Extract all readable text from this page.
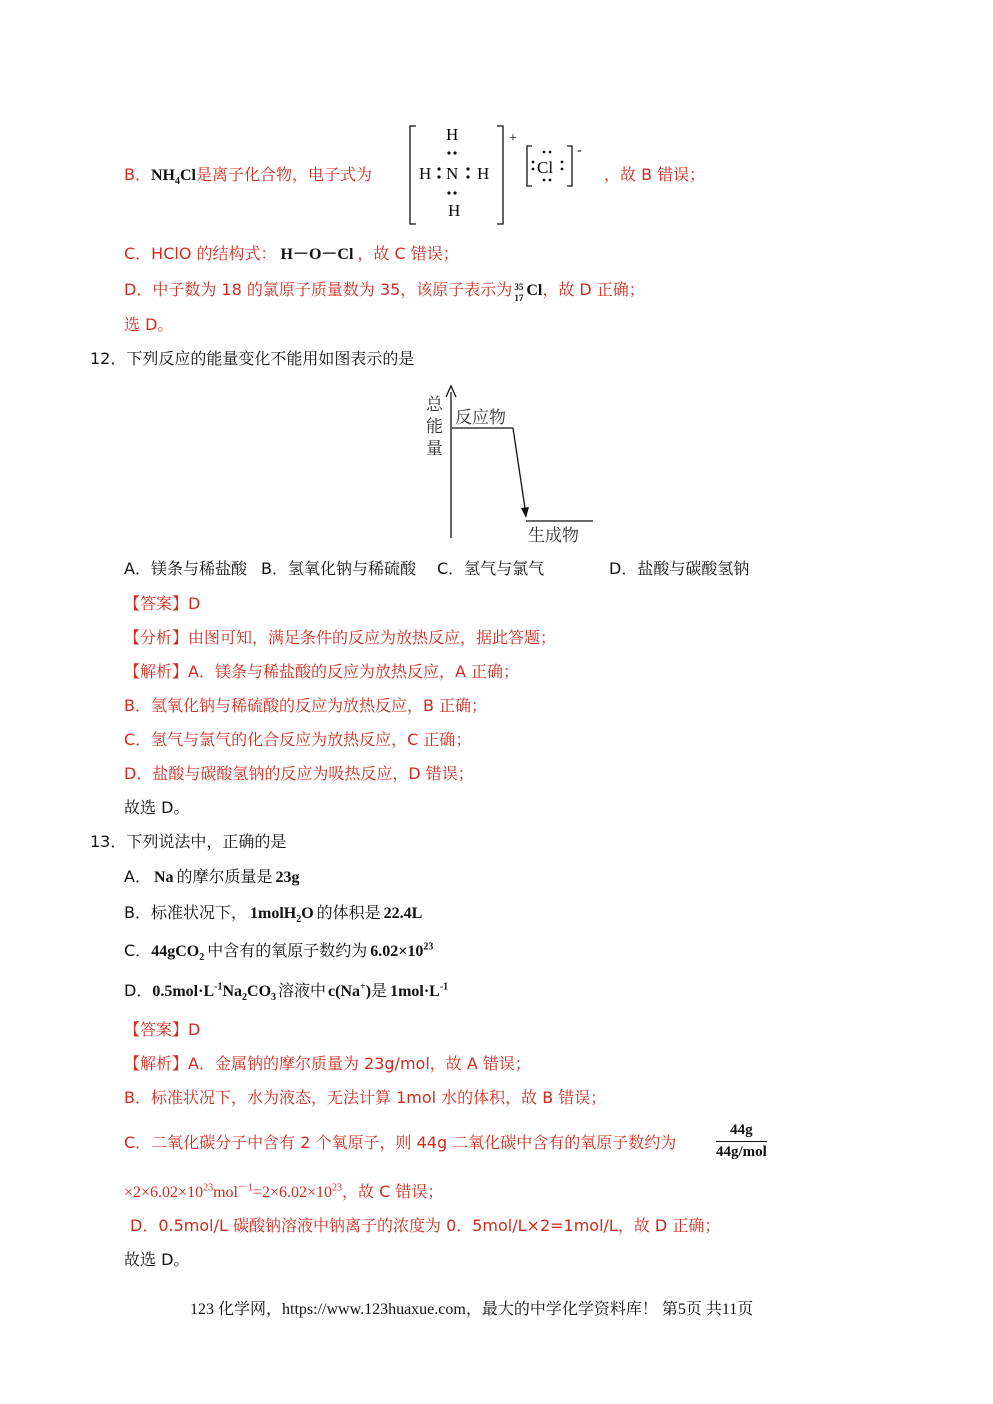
B．$NH_4Cl$是离子化合物，电子式为
H
H N H
H
+
Cl
-
，故 B 错误；
C．HClO 的结构式： H－O－Cl ，故 C 错误；
D．中子数为 18 的氯原子质量数为 35，该原子表示为 35
17 Cl，故 D 正确；
选 D。
12．下列反应的能量变化不能用如图表示的是
总
能
量
反应物
生成物
A．镁条与稀盐酸 B．氢氧化钠与稀硫酸 C．氢气与氯气	D．盐酸与碳酸氢钠
【答案】D
【分析】由图可知，满足条件的反应为放热反应，据此答题；
【解析】A．镁条与稀盐酸的反应为放热反应，A 正确；
B．氢氧化钠与稀硫酸的反应为放热反应，B 正确；
C．氢气与氯气的化合反应为放热反应，C 正确；
D．盐酸与碳酸氢钠的反应为吸热反应，D 错误；
故选 D。
13．下列说法中，正确的是
A． Na 的摩尔质量是 23g
B．标准状况下， 1molH$_2$O 的体积是 22.4L
C．44gCO$_2$ 中含有的氧原子数约为 $6.02\times 10^{23}$
D．$0.5mol\cdot L^{-1}Na_2CO_3$ 溶液中 c(Na+)是 $1mol\cdot L^{-1}$
【答案】D
【解析】A．金属钠的摩尔质量为 23g/mol，故 A 错误；
B．标准状况下，水为液态，无法计算 1mol 水的体积，故 B 错误；
C．二氧化碳分子中含有 2 个氧原子，则 44g 二氧化碳中含有的氧原子数约为
44g
44g/mol
$\times 2\times 6.02\times 10^{23}mol^{-1}=2\times 6.02\times 10^{23}$，故 C 错误；
D．0.5mol/L 碳酸钠溶液中钠离子的浓度为 0．5mol/L×2=1mol/L，故 D 正确；
故选 D。
123 化学网，https://www.123huaxue.com，最大的中学化学资料库！ 第5页 共11页
